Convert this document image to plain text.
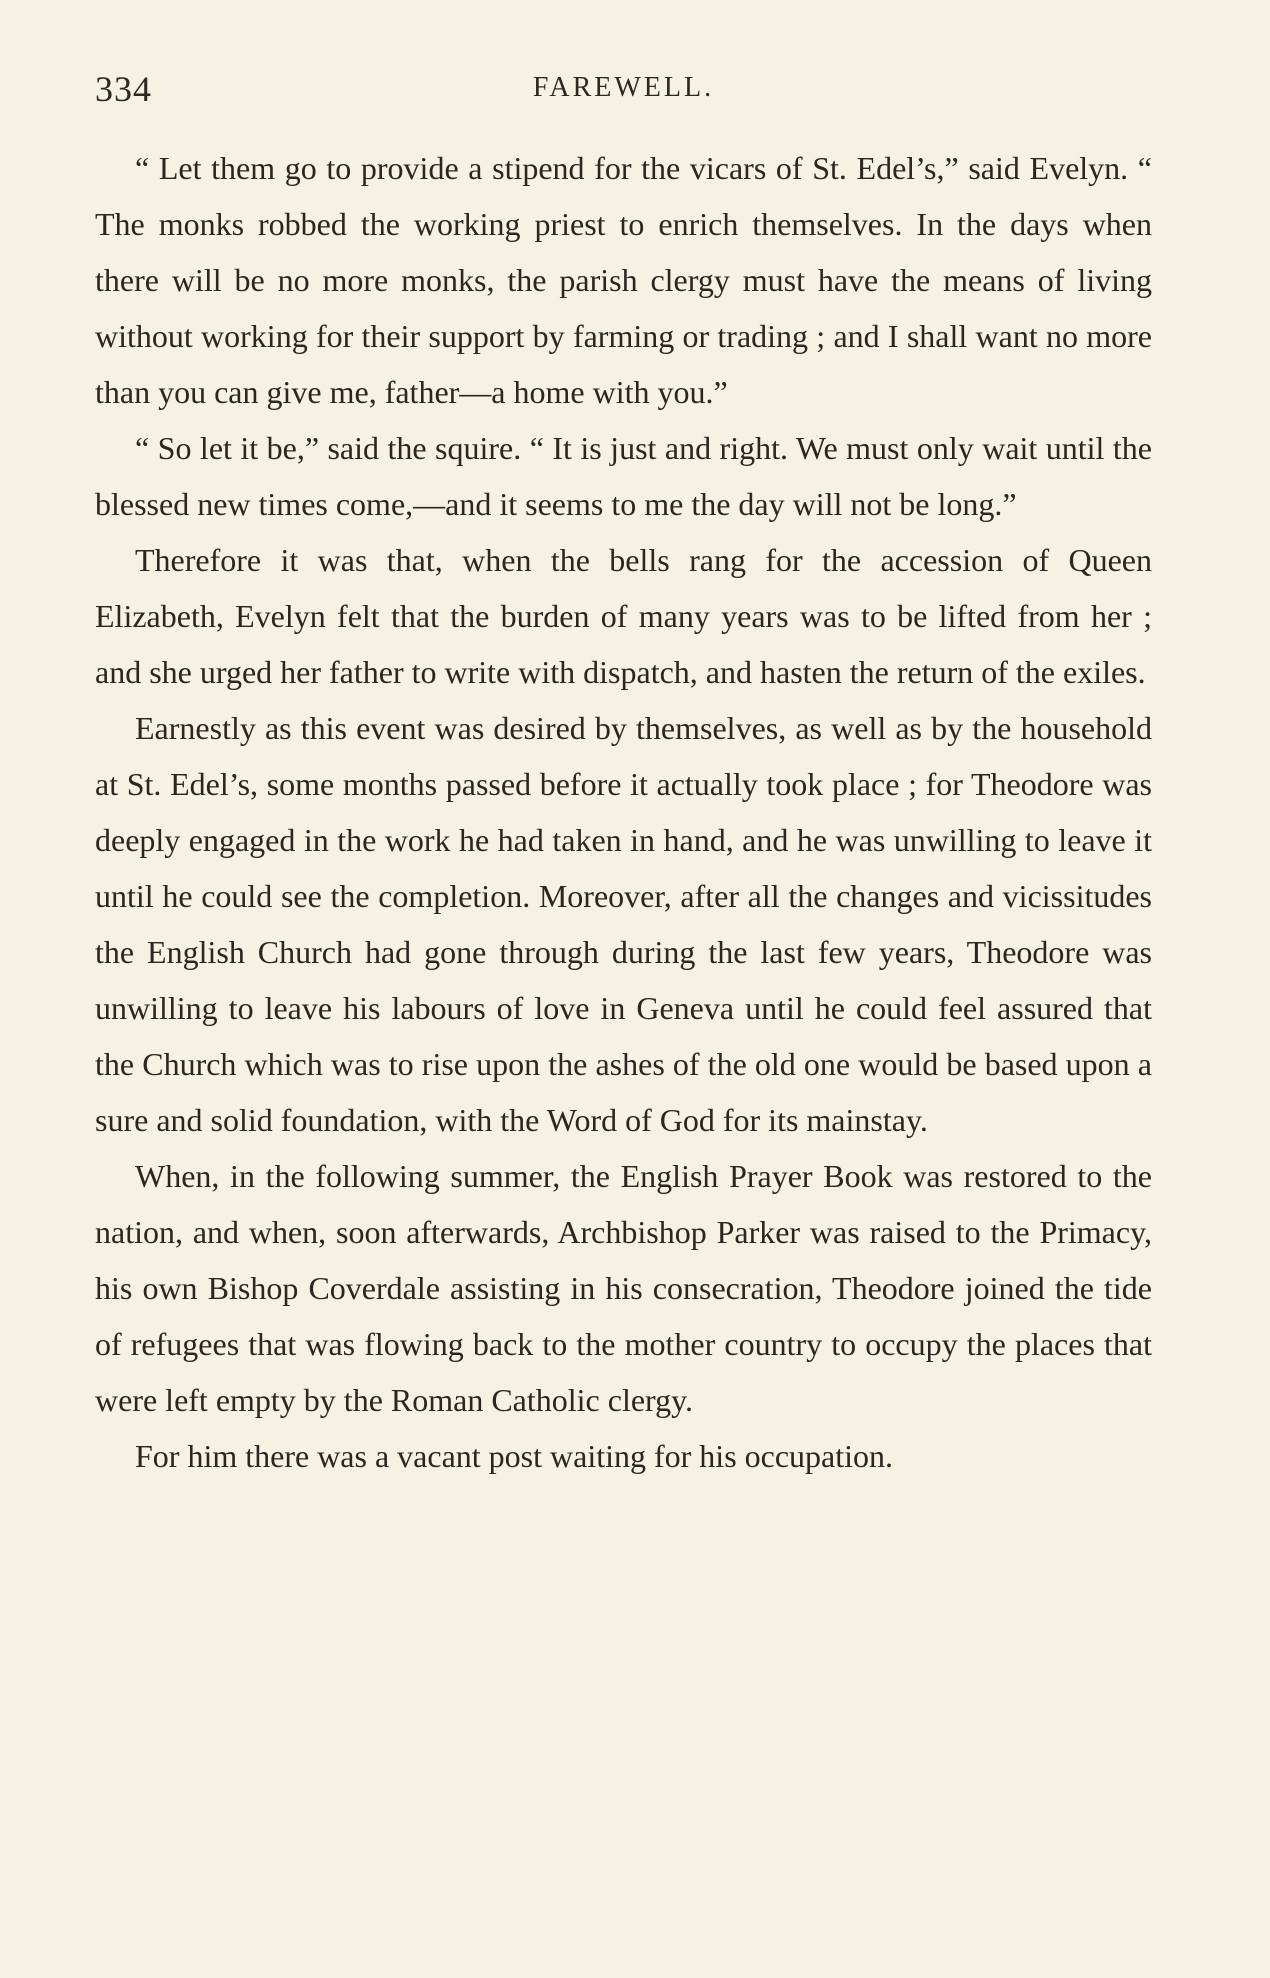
334	FAREWELL.

“ Let them go to provide a stipend for the vicars of St. Edel’s,” said Evelyn. “ The monks robbed the working priest to enrich themselves. In the days when there will be no more monks, the parish clergy must have the means of living without working for their support by farming or trading ; and I shall want no more than you can give me, father—a home with you.”

“ So let it be,” said the squire. “ It is just and right. We must only wait until the blessed new times come,—and it seems to me the day will not be long.”

Therefore it was that, when the bells rang for the accession of Queen Elizabeth, Evelyn felt that the burden of many years was to be lifted from her ; and she urged her father to write with dispatch, and hasten the return of the exiles.

Earnestly as this event was desired by themselves, as well as by the household at St. Edel’s, some months passed before it actually took place ; for Theodore was deeply engaged in the work he had taken in hand, and he was unwilling to leave it until he could see the completion. Moreover, after all the changes and vicissitudes the English Church had gone through during the last few years, Theodore was unwilling to leave his labours of love in Geneva until he could feel assured that the Church which was to rise upon the ashes of the old one would be based upon a sure and solid foundation, with the Word of God for its mainstay.

When, in the following summer, the English Prayer Book was restored to the nation, and when, soon afterwards, Archbishop Parker was raised to the Primacy, his own Bishop Coverdale assisting in his consecration, Theodore joined the tide of refugees that was flowing back to the mother country to occupy the places that were left empty by the Roman Catholic clergy.

For him there was a vacant post waiting for his occupation.
